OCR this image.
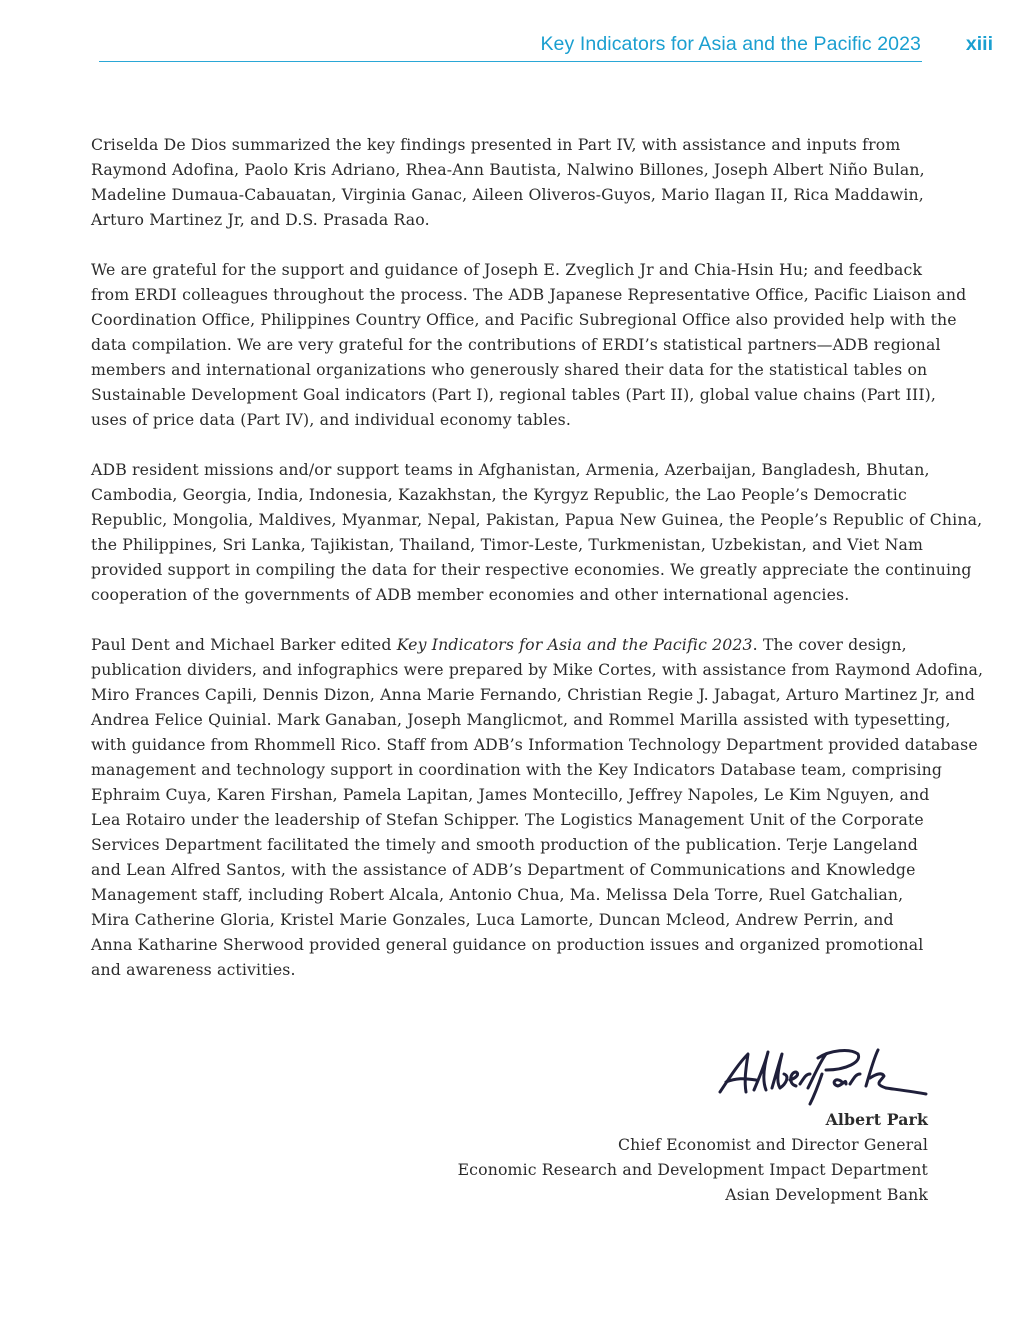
Key Indicators for Asia and the Pacific 2023	xiii

Criselda De Dios summarized the key findings presented in Part IV, with assistance and inputs from
Raymond Adofina, Paolo Kris Adriano, Rhea-Ann Bautista, Nalwino Billones, Joseph Albert Niño Bulan,
Madeline Dumaua-Cabauatan, Virginia Ganac, Aileen Oliveros-Guyos, Mario Ilagan II, Rica Maddawin,
Arturo Martinez Jr, and D.S. Prasada Rao.

We are grateful for the support and guidance of Joseph E. Zveglich Jr and Chia-Hsin Hu; and feedback
from ERDI colleagues throughout the process. The ADB Japanese Representative Office, Pacific Liaison and
Coordination Office, Philippines Country Office, and Pacific Subregional Office also provided help with the
data compilation. We are very grateful for the contributions of ERDI’s statistical partners—ADB regional
members and international organizations who generously shared their data for the statistical tables on
Sustainable Development Goal indicators (Part I), regional tables (Part II), global value chains (Part III),
uses of price data (Part IV), and individual economy tables.

ADB resident missions and/or support teams in Afghanistan, Armenia, Azerbaijan, Bangladesh, Bhutan,
Cambodia, Georgia, India, Indonesia, Kazakhstan, the Kyrgyz Republic, the Lao People’s Democratic
Republic, Mongolia, Maldives, Myanmar, Nepal, Pakistan, Papua New Guinea, the People’s Republic of China,
the Philippines, Sri Lanka, Tajikistan, Thailand, Timor-Leste, Turkmenistan, Uzbekistan, and Viet Nam
provided support in compiling the data for their respective economies. We greatly appreciate the continuing
cooperation of the governments of ADB member economies and other international agencies.

Paul Dent and Michael Barker edited Key Indicators for Asia and the Pacific 2023. The cover design,
publication dividers, and infographics were prepared by Mike Cortes, with assistance from Raymond Adofina,
Miro Frances Capili, Dennis Dizon, Anna Marie Fernando, Christian Regie J. Jabagat, Arturo Martinez Jr, and
Andrea Felice Quinial. Mark Ganaban, Joseph Manglicmot, and Rommel Marilla assisted with typesetting,
with guidance from Rhommell Rico. Staff from ADB’s Information Technology Department provided database
management and technology support in coordination with the Key Indicators Database team, comprising
Ephraim Cuya, Karen Firshan, Pamela Lapitan, James Montecillo, Jeffrey Napoles, Le Kim Nguyen, and
Lea Rotairo under the leadership of Stefan Schipper. The Logistics Management Unit of the Corporate
Services Department facilitated the timely and smooth production of the publication. Terje Langeland
and Lean Alfred Santos, with the assistance of ADB’s Department of Communications and Knowledge
Management staff, including Robert Alcala, Antonio Chua, Ma. Melissa Dela Torre, Ruel Gatchalian,
Mira Catherine Gloria, Kristel Marie Gonzales, Luca Lamorte, Duncan Mcleod, Andrew Perrin, and
Anna Katharine Sherwood provided general guidance on production issues and organized promotional
and awareness activities.

Albert Park
Chief Economist and Director General
Economic Research and Development Impact Department
Asian Development Bank
